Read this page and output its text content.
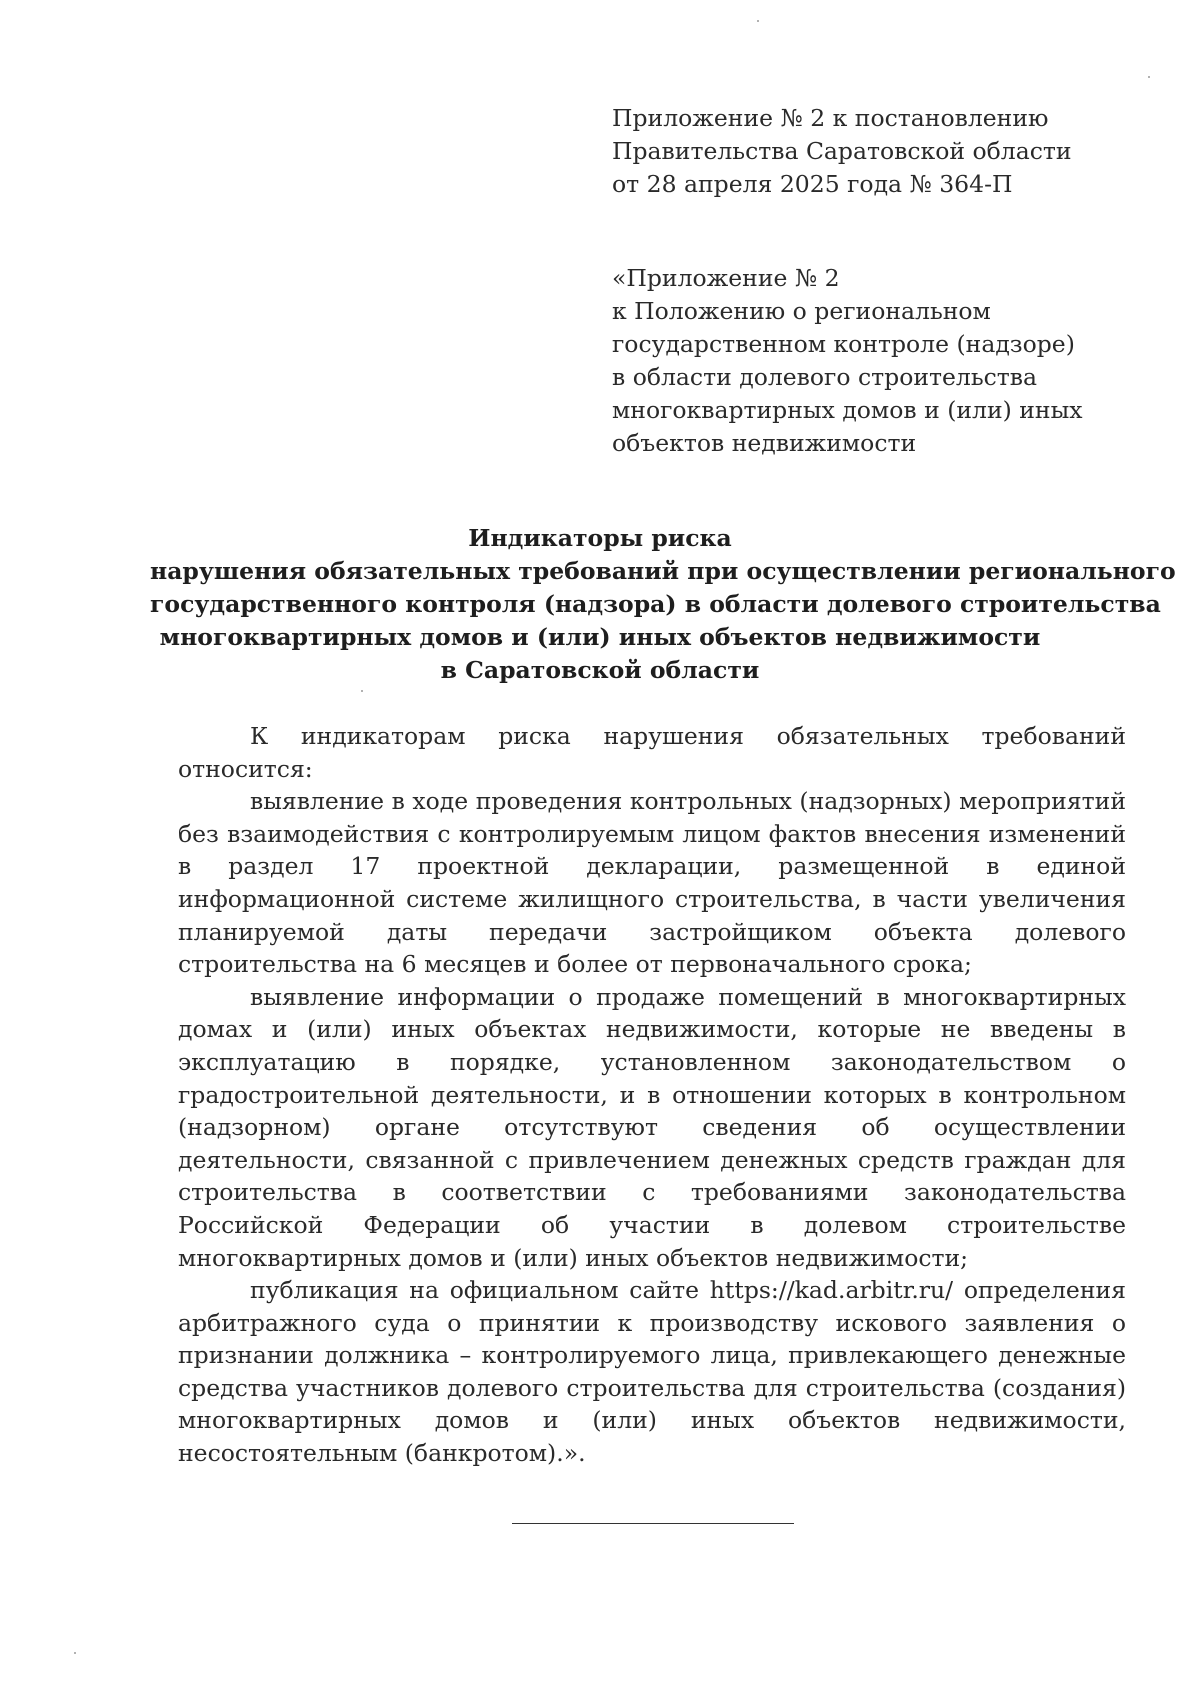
Приложение № 2 к постановлению
Правительства Саратовской области
от 28 апреля 2025 года № 364-П
«Приложение № 2
к Положению о региональном
государственном контроле (надзоре)
в области долевого строительства
многоквартирных домов и (или) иных
объектов недвижимости
Индикаторы риска
нарушения обязательных требований при осуществлении регионального
государственного контроля (надзора) в области долевого строительства
многоквартирных домов и (или) иных объектов недвижимости
в Саратовской области

К индикаторам риска нарушения обязательных требований относится:

выявление в ходе проведения контрольных (надзорных) мероприятий без взаимодействия с контролируемым лицом фактов внесения изменений в раздел 17 проектной декларации, размещенной в единой информационной системе жилищного строительства, в части увеличения планируемой даты передачи застройщиком объекта долевого строительства на 6 месяцев и более от первоначального срока;

выявление информации о продаже помещений в многоквартирных домах и (или) иных объектах недвижимости, которые не введены в эксплуатацию в порядке, установленном законодательством о градостроительной деятельности, и в отношении которых в контрольном (надзорном) органе отсутствуют сведения об осуществлении деятельности, связанной с привлечением денежных средств граждан для строительства в соответствии с требованиями законодательства Российской Федерации об участии в долевом строительстве многоквартирных домов и (или) иных объектов недвижимости;

публикация на официальном сайте https://kad.arbitr.ru/ определения арбитражного суда о принятии к производству искового заявления о признании должника – контролируемого лица, привлекающего денежные средства участников долевого строительства для строительства (создания) многоквартирных домов и (или) иных объектов недвижимости, несостоятельным (банкротом).».
